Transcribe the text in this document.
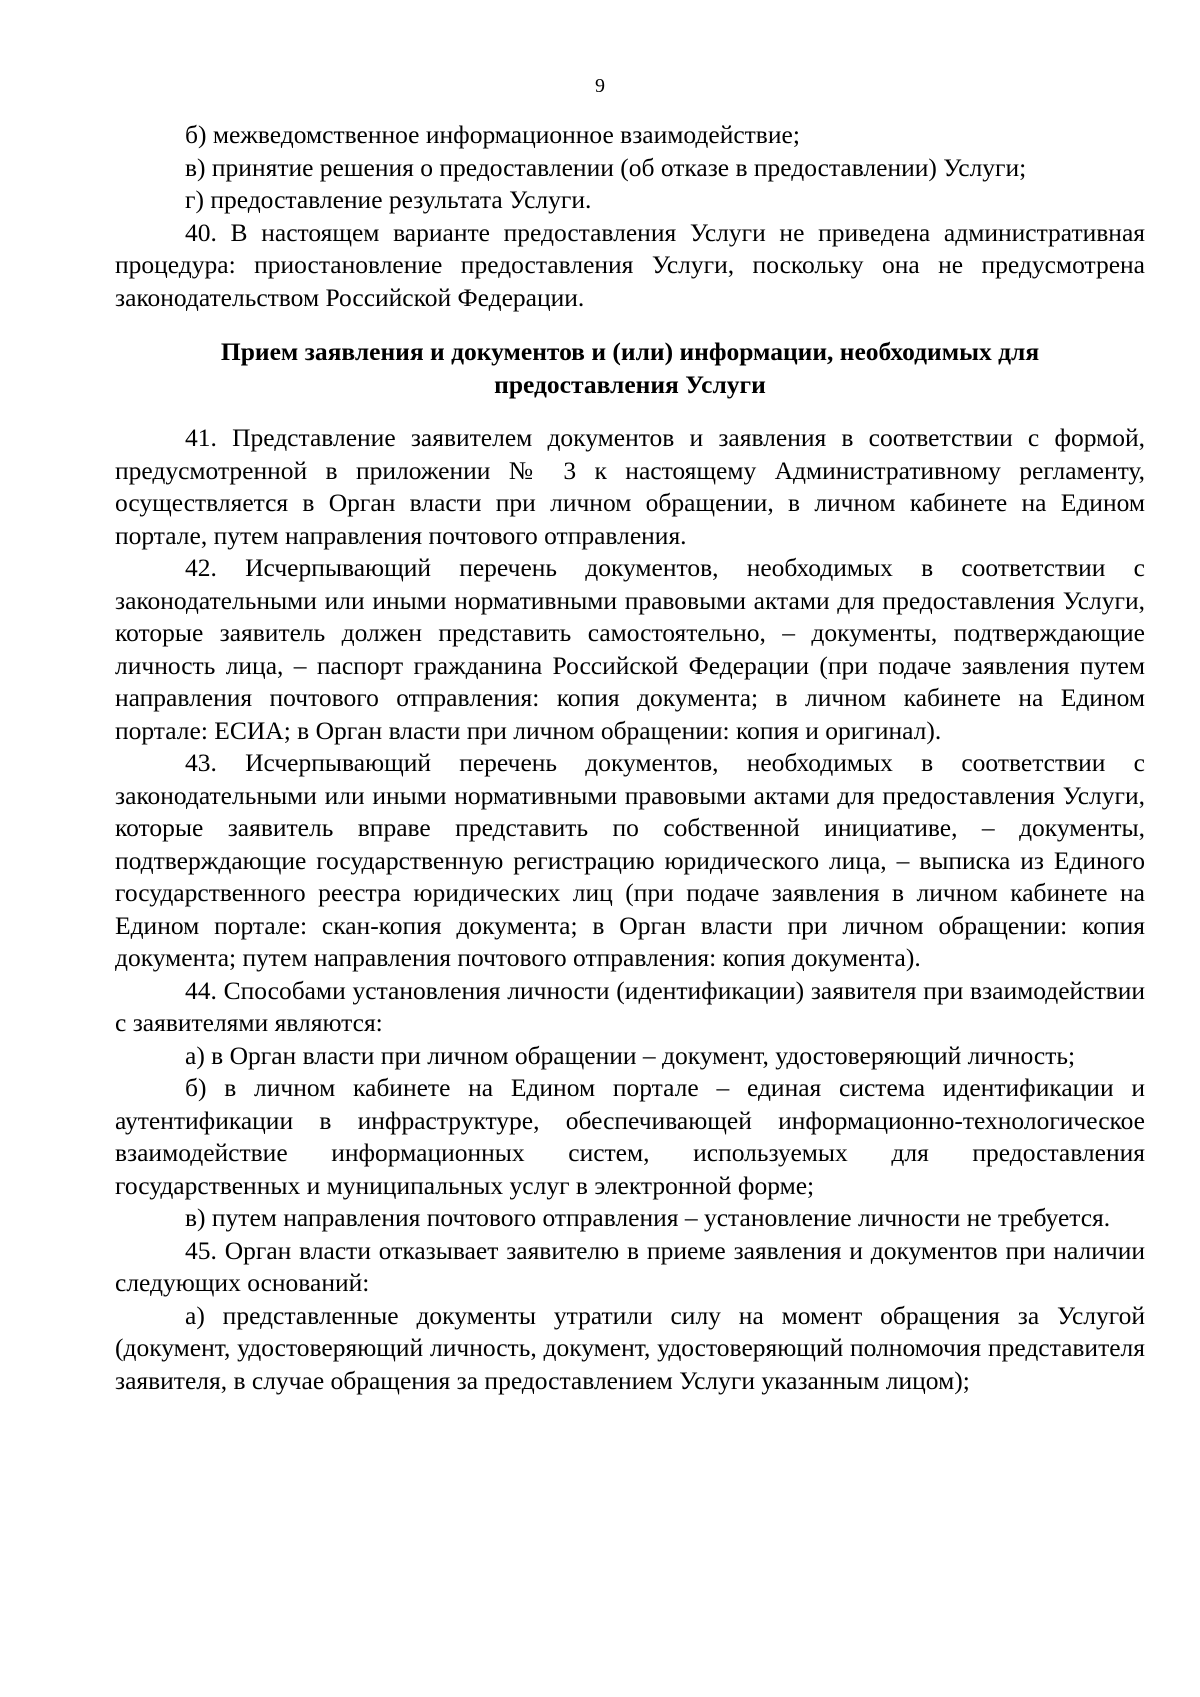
9

б) межведомственное информационное взаимодействие;

в) принятие решения о предоставлении (об отказе в предоставлении) Услуги;

г) предоставление результата Услуги.

40. В настоящем варианте предоставления Услуги не приведена административная процедура: приостановление предоставления Услуги, поскольку она не предусмотрена законодательством Российской Федерации.

Прием заявления и документов и (или) информации, необходимых для предоставления Услуги

41. Представление заявителем документов и заявления в соответствии с формой, предусмотренной в приложении № 3 к настоящему Административному регламенту, осуществляется в Орган власти при личном обращении, в личном кабинете на Едином портале, путем направления почтового отправления.

42. Исчерпывающий перечень документов, необходимых в соответствии с законодательными или иными нормативными правовыми актами для предоставления Услуги, которые заявитель должен представить самостоятельно, – документы, подтверждающие личность лица, – паспорт гражданина Российской Федерации (при подаче заявления путем направления почтового отправления: копия документа; в личном кабинете на Едином портале: ЕСИА; в Орган власти при личном обращении: копия и оригинал).

43. Исчерпывающий перечень документов, необходимых в соответствии с законодательными или иными нормативными правовыми актами для предоставления Услуги, которые заявитель вправе представить по собственной инициативе, – документы, подтверждающие государственную регистрацию юридического лица, – выписка из Единого государственного реестра юридических лиц (при подаче заявления в личном кабинете на Едином портале: скан-копия документа; в Орган власти при личном обращении: копия документа; путем направления почтового отправления: копия документа).

44. Способами установления личности (идентификации) заявителя при взаимодействии с заявителями являются:

а) в Орган власти при личном обращении – документ, удостоверяющий личность;

б) в личном кабинете на Едином портале – единая система идентификации и аутентификации в инфраструктуре, обеспечивающей информационно-технологическое взаимодействие информационных систем, используемых для предоставления государственных и муниципальных услуг в электронной форме;

в) путем направления почтового отправления – установление личности не требуется.

45. Орган власти отказывает заявителю в приеме заявления и документов при наличии следующих оснований:

а) представленные документы утратили силу на момент обращения за Услугой (документ, удостоверяющий личность, документ, удостоверяющий полномочия представителя заявителя, в случае обращения за предоставлением Услуги указанным лицом);
